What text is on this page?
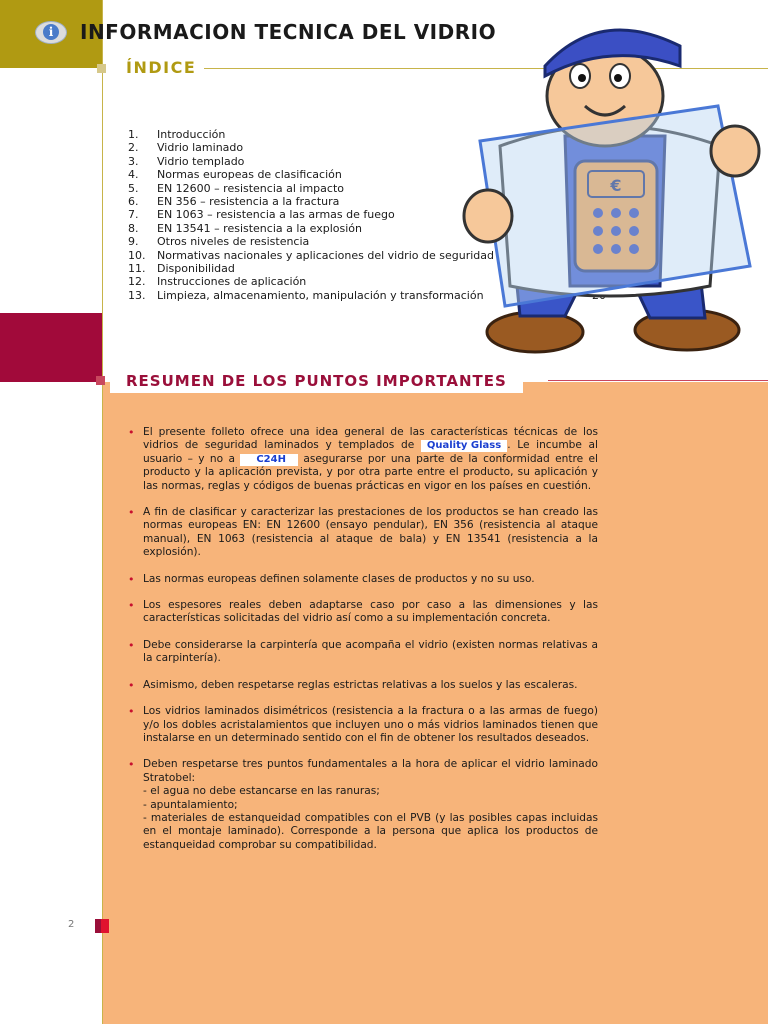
i INFORMACION TECNICA DEL VIDRIO
ÍNDICE
1. Introducción
2. Vidrio laminado
3. Vidrio templado
4. Normas europeas de clasificación
5. EN 12600 – resistencia al impacto
6. EN 356 – resistencia a la fractura
7. EN 1063 – resistencia a las armas de fuego
8. EN 13541 – resistencia a la explosión
9. Otros niveles de resistencia
10. Normativas nacionales y aplicaciones del vidrio de seguridad
11. Disponibilidad
12. Instrucciones de aplicación
13. Limpieza, almacenamiento, manipulación y transformación
€
RESUMEN DE LOS PUNTOS IMPORTANTES

• El presente folleto ofrece una idea general de las características técnicas de los vidrios de seguridad laminados y templados de Quality Glass . Le incumbe al usuario – y no a C24H asegurarse por una parte de la conformidad entre el producto y la aplicación prevista, y por otra parte entre el producto, su aplicación y las normas, reglas y códigos de buenas prácticas en vigor en los países en cuestión.

• A fin de clasificar y caracterizar las prestaciones de los productos se han creado las normas europeas EN: EN 12600 (ensayo pendular), EN 356 (resistencia al ataque manual), EN 1063 (resistencia al ataque de bala) y EN 13541 (resistencia a la explosión).

• Las normas europeas definen solamente clases de productos y no su uso.

• Los espesores reales deben adaptarse caso por caso a las dimensiones y las características solicitadas del vidrio así como a su implementación concreta.

• Debe considerarse la carpintería que acompaña el vidrio (existen normas relativas a la carpintería).

• Asimismo, deben respetarse reglas estrictas relativas a los suelos y las escaleras.

• Los vidrios laminados disimétricos (resistencia a la fractura o a las armas de fuego) y/o los dobles acristalamientos que incluyen uno o más vidrios laminados tienen que instalarse en un determinado sentido con el fin de obtener los resultados deseados.

• Deben respetarse tres puntos fundamentales a la hora de aplicar el vidrio laminado Stratobel:
- el agua no debe estancarse en las ranuras;
- apuntalamiento;
- materiales de estanqueidad compatibles con el PVB (y las posibles capas incluidas en el montaje laminado). Corresponde a la persona que aplica los productos de estanqueidad comprobar su compatibilidad.
2
